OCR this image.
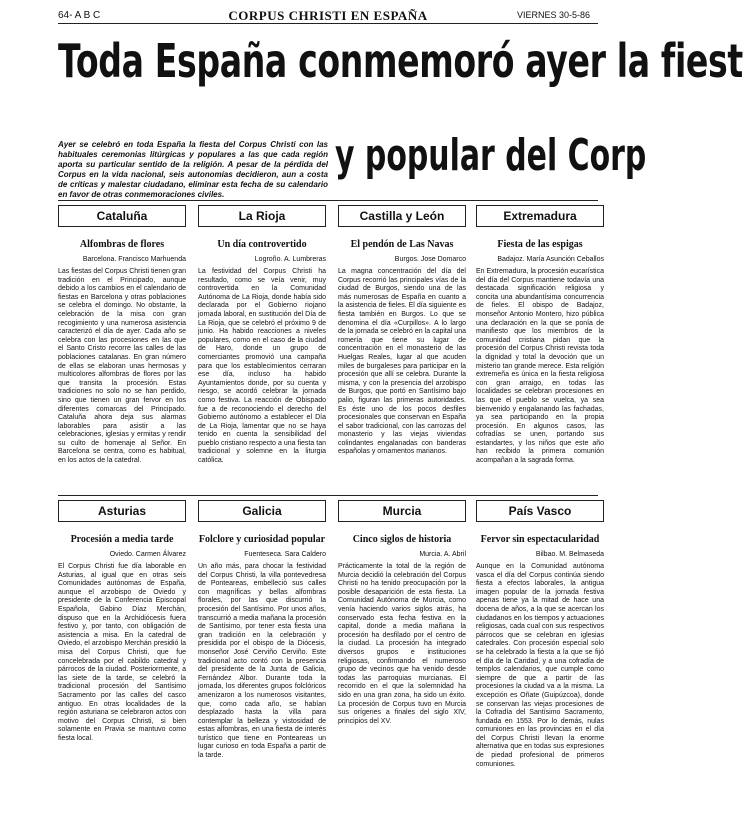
64- A B C	CORPUS CHRISTI EN ESPAÑA	VIERNES 30-5-86
Toda España conmemoró ayer la fiest
y popular del Corp
Ayer se celebró en toda España la fiesta del Corpus Christi con las habituales ceremonias litúrgicas y populares a las que cada región aporta su particular sentido de la religión. A pesar de la pérdida del Corpus en la vida nacional, seis autonomías decidieron, aun a costa de críticas y malestar ciudadano, eliminar esta fecha de su calendario en favor de otras conmemoraciones civiles.
Cataluña
Alfombras de flores
Barcelona. Francisco Marhuenda
Las fiestas del Corpus Christi tienen gran tradición en el Principado, aunque debido a los cambios en el calendario de fiestas en Barcelona y otras poblaciones se celebra el domingo. No obstante, la celebración de la misa con gran recogimiento y una numerosa asistencia caracterizó el día de ayer. Cada año se celebra con las procesiones en las que el Santo Cristo recorre las calles de las poblaciones catalanas. En gran número de ellas se elaboran unas hermosas y multicolores alfombras de flores por las que transita la procesión. Estas tradiciones no solo no se han perdido, sino que tienen un gran fervor en los diferentes comarcas del Principado. Cataluña ahora deja sus alarmas laborables para asistir a las celebraciones, iglesias y ermitas y rendir su culto de homenaje al Señor. En Barcelona se centra, como es habitual, en los actos de la catedral.
La Rioja
Un día controvertido
Logroño. A. Lumbreras
La festividad del Corpus Christi ha resultado, como se veía venir, muy controvertida en la Comunidad Autónoma de La Rioja, donde había sido declarada por el Gobierno riojano jornada laboral, en sustitución del Día de La Rioja, que se celebró el próximo 9 de junio. Ha habido reacciones a niveles populares, como en el caso de la ciudad de Haro, donde un grupo de comerciantes promovió una campaña para que los establecimientos cerraran ese día, incluso ha habido Ayuntamientos donde, por su cuenta y riesgo, se acordó celebrar la jornada como festiva. La reacción de Obispado fue a de reconociendo el derecho del Gobierno autónomo a establecer el Día de La Rioja, lamentar que no se haya tenido en cuenta la sensibilidad del pueblo cristiano respecto a una fiesta tan tradicional y solemne en la liturgia católica.
Castilla y León
El pendón de Las Navas
Burgos. Jose Domarco
La magna concentración del día del Corpus recorrió las principales vías de la ciudad de Burgos, siendo una de las más numerosas de España en cuanto a la asistencia de fieles. El día siguiente es fiesta también en Burgos. Lo que se denomina el día «Curpillos». A lo largo de la jornada se celebró en la capital una romería que tiene su lugar de concentración en el monasterio de las Huelgas Reales, lugar al que acuden miles de burgaleses para participar en la procesión que allí se celebra. Durante la misma, y con la presencia del arzobispo de Burgos, que portó en Santísimo bajo palio, figuran las primeras autoridades. Es éste uno de los pocos desfiles procesionales que conservan en España el sabor tradicional, con las carrozas del monasterio y las viejas viviendas colindantes engalanadas con banderas españolas y ornamentos marianos.
Extremadura
Fiesta de las espigas
Badajoz. María Asunción Ceballos
En Extremadura, la procesión eucarística del día del Corpus mantiene todavía una destacada significación religiosa y concita una abundantísima concurrencia de fieles. El obispo de Badajoz, monseñor Antonio Montero, hizo pública una declaración en la que se ponía de manifiesto que los miembros de la comunidad cristiana pidan que la procesión del Corpus Christi revista toda la dignidad y total la devoción que un misterio tan grande merece. Esta religión extremeña es única en la fiesta religiosa con gran arraigo, en todas las localidades se celebran procesiones en las que el pueblo se vuelca, ya sea bienvenido y engalanando las fachadas, ya sea participando en la propia procesión. En algunos casos, las cofradías se unen, portando sus estandartes, y los niños que este año han recibido la primera comunión acompañan a la sagrada forma.
Asturias
Procesión a media tarde
Oviedo. Carmen Álvarez
El Corpus Christi fue día laborable en Asturias, al igual que en otras seis Comunidades autónomas de España, aunque el arzobispo de Oviedo y presidente de la Conferencia Episcopal Española, Gabino Díaz Merchán, dispuso que en la Archidiócesis fuera festivo y, por tanto, con obligación de asistencia a misa. En la catedral de Oviedo, el arzobispo Merchán presidió la misa del Corpus Christi, que fue concelebrada por el cabildo catedral y párrocos de la ciudad. Posteriormente, a las siete de la tarde, se celebró la tradicional procesión del Santísimo Sacramento por las calles del casco antiguo. En otras localidades de la región asturiana se celebraron actos con motivo del Corpus Christi, si bien solamente en Pravia se mantuvo como fiesta local.
Galicia
Folclore y curiosidad popular
Fuenteseca. Sara Caldero
Un año más, para chocar la festividad del Corpus Christi, la villa pontevedresa de Ponteareas, embelleció sus calles con magníficas y bellas alfombras florales, por las que discurrió la procesión del Santísimo. Por unos años, transcurrió a media mañana la procesión de Santísimo, por tener esta fiesta una gran tradición en la celebración y presidida por el obispo de la Diócesis, monseñor José Cerviño Cerviño. Este tradicional acto contó con la presencia del presidente de la Junta de Galicia, Fernández Albor. Durante toda la jornada, los diferentes grupos folclóricos amenizaron a los numerosos visitantes, que, como cada año, se habían desplazado hasta la villa para contemplar la belleza y vistosidad de estas alfombras, en una fiesta de interés turístico que tiene en Ponteareas un lugar curioso en toda España a partir de la tarde.
Murcia
Cinco siglos de historia
Murcia. A. Abril
Prácticamente la total de la región de Murcia decidió la celebración del Corpus Christi no ha tenido preocupación por la posible desaparición de esta fiesta. La Comunidad Autónoma de Murcia, como venía haciendo varios siglos atrás, ha conservado esta fecha festiva en la capital, donde a media mañana la procesión ha desfilado por el centro de la ciudad. La procesión ha integrado diversos grupos e instituciones religiosas, confirmando el numeroso grupo de vecinos que ha venido desde todas las parroquias murcianas. El recorrido en el que la solemnidad ha sido en una gran zona, ha sido un éxito. La procesión de Corpus tuvo en Murcia sus orígenes a finales del siglo XIV, principios del XV.
País Vasco
Fervor sin espectacularidad
Bilbao. M. Belmaseda
Aunque en la Comunidad autónoma vasca el día del Corpus continúa siendo fiesta a efectos laborales, la antigua imagen popular de la jornada festiva apenas tiene ya la mitad de hace una docena de años, a la que se acercan los ciudadanos en los tiempos y actuaciones religiosas, cada cual con sus respectivos párrocos que se celebran en iglesias catedrales. Con procesión especial solo se ha celebrado la fiesta a la que se fijó el día de la Caridad, y a una cofradía de templos calendarios, que cumple como siempre de que a partir de las procesiones la ciudad va a la misma. La excepción es Oñate (Guipúzcoa), donde se conservan las viejas procesiones de la Cofradía del Santísimo Sacramento, fundada en 1553. Por lo demás, nulas comuniones en las provincias en el día del Corpus Christi llevan la enorme alternativa que en todas sus expresiones de piedad profesional de primeros comuniones.
